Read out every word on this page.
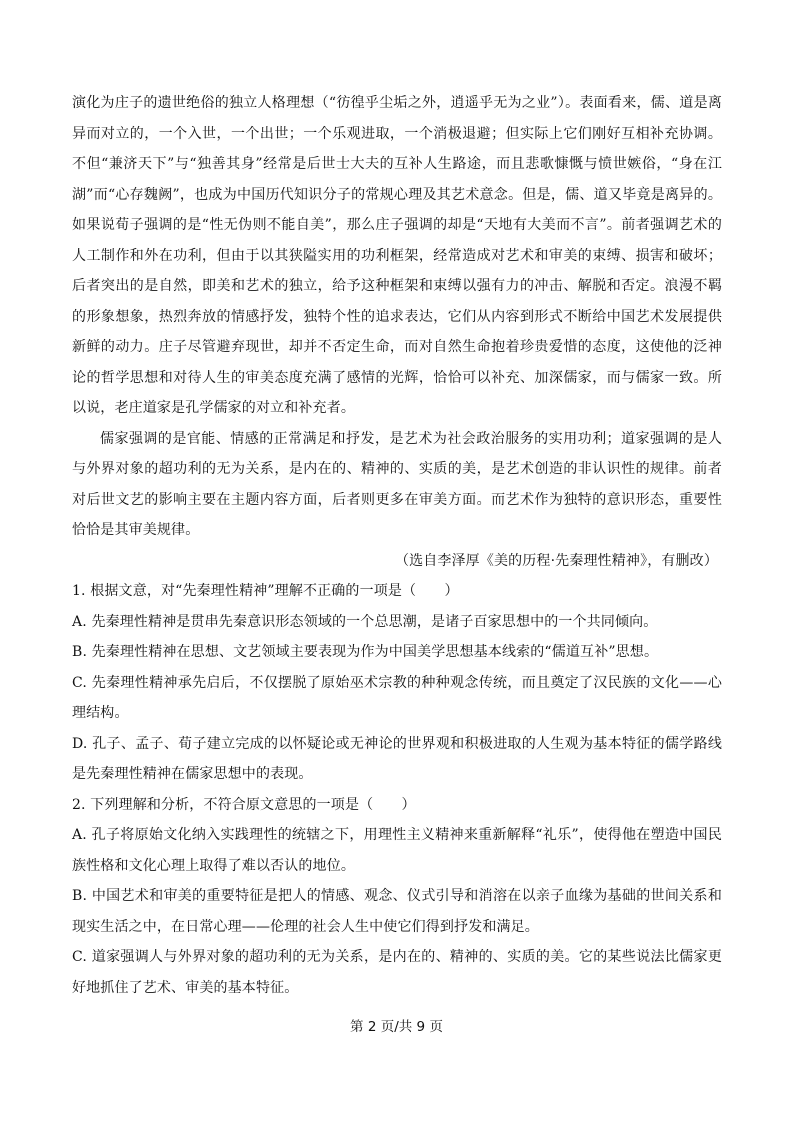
演化为庄子的遗世绝俗的独立人格理想（“彷徨乎尘垢之外，逍遥乎无为之业”）。表面看来，儒、道是离异而对立的，一个入世，一个出世；一个乐观进取，一个消极退避；但实际上它们刚好互相补充协调。不但“兼济天下”与“独善其身”经常是后世士大夫的互补人生路途，而且悲歌慷慨与愤世嫉俗，“身在江湖”而“心存魏阙”，也成为中国历代知识分子的常规心理及其艺术意念。但是，儒、道又毕竟是离异的。如果说荀子强调的是“性无伪则不能自美”，那么庄子强调的却是“天地有大美而不言”。前者强调艺术的人工制作和外在功利，但由于以其狭隘实用的功利框架，经常造成对艺术和审美的束缚、损害和破坏；后者突出的是自然，即美和艺术的独立，给予这种框架和束缚以强有力的冲击、解脱和否定。浪漫不羁的形象想象，热烈奔放的情感抒发，独特个性的追求表达，它们从内容到形式不断给中国艺术发展提供新鲜的动力。庄子尽管避弃现世，却并不否定生命，而对自然生命抱着珍贵爱惜的态度，这使他的泛神论的哲学思想和对待人生的审美态度充满了感情的光辉，恰恰可以补充、加深儒家，而与儒家一致。所以说，老庄道家是孔学儒家的对立和补充者。

儒家强调的是官能、情感的正常满足和抒发，是艺术为社会政治服务的实用功利；道家强调的是人与外界对象的超功利的无为关系，是内在的、精神的、实质的美，是艺术创造的非认识性的规律。前者对后世文艺的影响主要在主题内容方面，后者则更多在审美方面。而艺术作为独特的意识形态，重要性恰恰是其审美规律。

（选自李泽厚《美的历程·先秦理性精神》，有删改）

1. 根据文意，对“先秦理性精神”理解不正确的一项是（　　）

A. 先秦理性精神是贯串先秦意识形态领域的一个总思潮，是诸子百家思想中的一个共同倾向。

B. 先秦理性精神在思想、文艺领域主要表现为作为中国美学思想基本线索的“儒道互补”思想。

C. 先秦理性精神承先启后，不仅摆脱了原始巫术宗教的种种观念传统，而且奠定了汉民族的文化——心理结构。

D. 孔子、孟子、荀子建立完成的以怀疑论或无神论的世界观和积极进取的人生观为基本特征的儒学路线是先秦理性精神在儒家思想中的表现。

2. 下列理解和分析，不符合原文意思的一项是（　　）

A. 孔子将原始文化纳入实践理性的统辖之下，用理性主义精神来重新解释“礼乐”，使得他在塑造中国民族性格和文化心理上取得了难以否认的地位。

B. 中国艺术和审美的重要特征是把人的情感、观念、仪式引导和消溶在以亲子血缘为基础的世间关系和现实生活之中，在日常心理——伦理的社会人生中使它们得到抒发和满足。

C. 道家强调人与外界对象的超功利的无为关系，是内在的、精神的、实质的美。它的某些说法比儒家更好地抓住了艺术、审美的基本特征。

第 2 页/共 9 页
